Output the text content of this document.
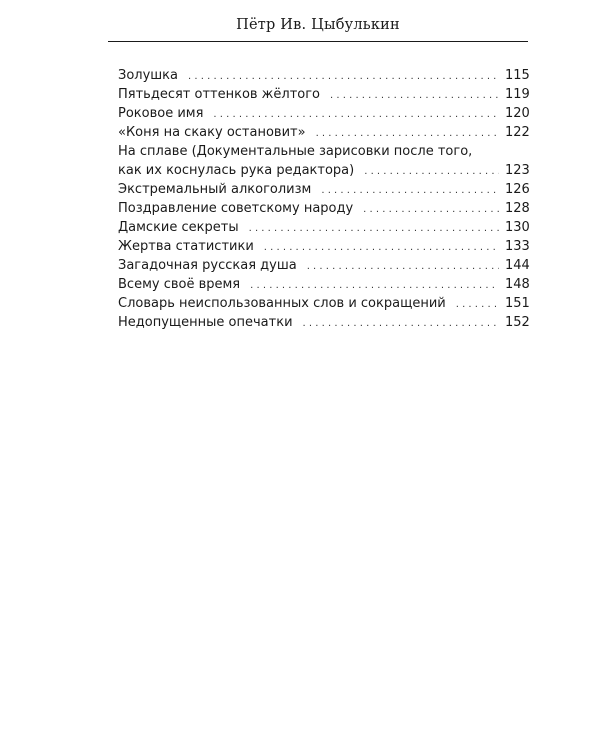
Пётр Ив. Цыбулькин
Золушка . . .	115
Пятьдесят оттенков жёлтого . . .	119
Роковое имя . . .	120
«Коня на скаку остановит» . . .	122
На сплаве (Документальные зарисовки после того,
как их коснулась рука редактора) . . .	123
Экстремальный алкоголизм . . .	126
Поздравление советскому народу . . .	128
Дамские секреты . . .	130
Жертва статистики . . .	133
Загадочная русская душа . . .	144
Всему своё время . . .	148
Словарь неиспользованных слов и сокращений . . .	151
Недопущенные опечатки . . .	152
